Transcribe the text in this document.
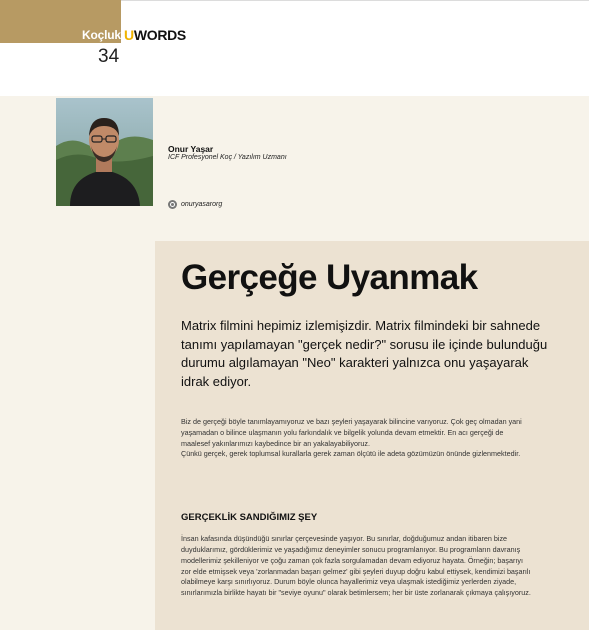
Koçluk UWORDS
34
Onur Yaşar
ICF Profesyonel Koç / Yazılım Uzmanı
onuryasarorg
Gerçeğe Uyanmak

Matrix filmini hepimiz izlemişizdir. Matrix filmindeki bir sahnede tanımı yapılamayan "gerçek nedir?" sorusu ile içinde bulunduğu durumu algılamayan "Neo" karakteri yalnızca onu yaşayarak idrak ediyor.

Biz de gerçeği böyle tanımlayamıyoruz ve bazı şeyleri yaşayarak bilincine varıyoruz. Çok geç olmadan yani yaşamadan o bilince ulaşmanın yolu farkındalık ve bilgelik yolunda devam etmektir. En acı gerçeği de maalesef yakınlarımızı kaybedince bir an yakalayabiliyoruz.

Çünkü gerçek, gerek toplumsal kurallarla gerek zaman ölçütü ile adeta gözümüzün önünde gizlenmektedir.

GERÇEKLİK SANDIĞIMIZ ŞEY

İnsan kafasında düşündüğü sınırlar çerçevesinde yaşıyor. Bu sınırlar, doğduğumuz andan itibaren bize duyduklarımız, gördüklerimiz ve yaşadığımız deneyimler sonucu programlanıyor. Bu programların davranış modellerimiz şekilleniyor ve çoğu zaman çok fazla sorgulamadan devam ediyoruz hayata. Örneğin; başarıyı zor elde etmişsek veya 'zorlanmadan başarı gelmez' gibi şeyleri duyup doğru kabul ettiysek, kendimizi başarılı olabilmeye karşı sınırlıyoruz. Durum böyle olunca hayallerimiz veya ulaşmak istediğimiz yerlerden ziyade, sınırlarımızla birlikte hayatı bir "seviye oyunu" olarak betimlersem; her bir üste zorlanarak çıkmaya çalışıyoruz.
